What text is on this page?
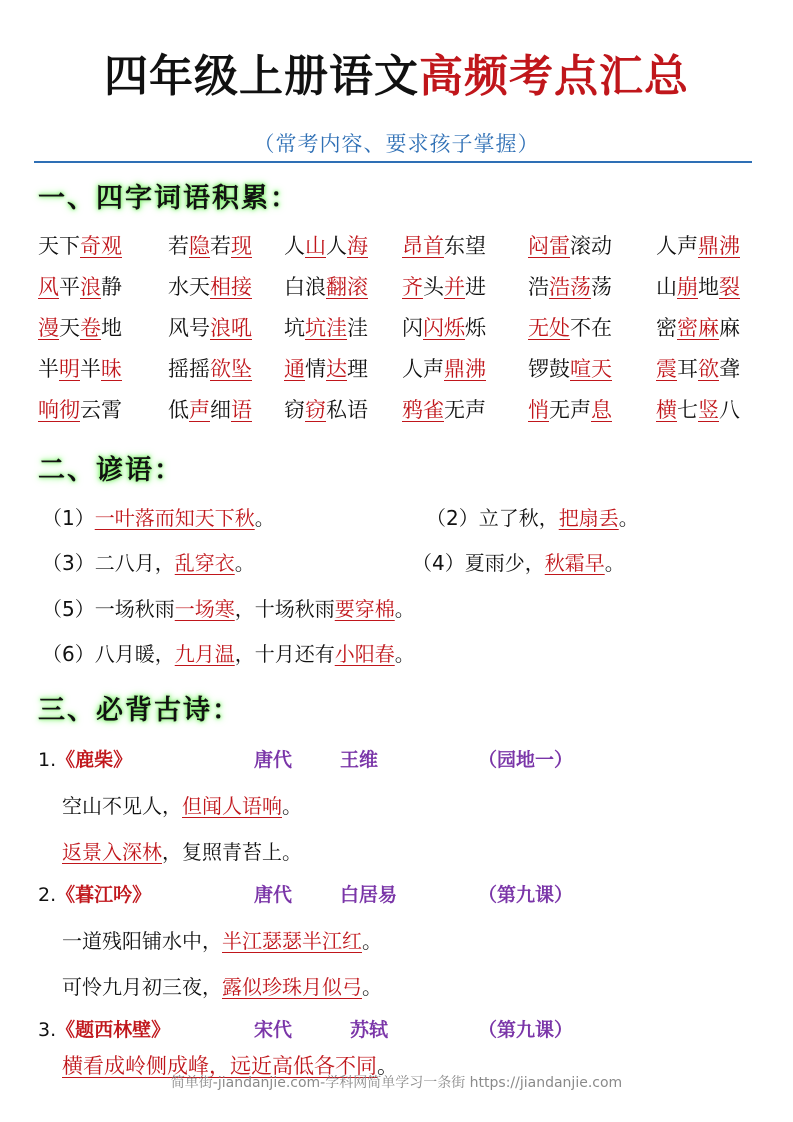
四年级上册语文高频考点汇总
（常考内容、要求孩子掌握）
一、四字词语积累：
天下奇观	若隐若现	人山人海	昂首东望	闷雷滚动	人声鼎沸
风平浪静	水天相接	白浪翻滚	齐头并进	浩浩荡荡	山崩地裂
漫天卷地	风号浪吼	坑坑洼洼	闪闪烁烁	无处不在	密密麻麻
半明半昧	摇摇欲坠	通情达理	人声鼎沸	锣鼓喧天	震耳欲聋
响彻云霄	低声细语	窃窃私语	鸦雀无声	悄无声息	横七竖八
二、谚语：
（1）一叶落而知天下秋。	（2）立了秋，把扇丢。
（3）二八月，乱穿衣。	（4）夏雨少，秋霜早。
（5）一场秋雨一场寒，十场秋雨要穿棉。
（6）八月暖，九月温，十月还有小阳春。
三、必背古诗：
1.《鹿柴》	唐代	王维	（园地一）
空山不见人，但闻人语响。
返景入深林，复照青苔上。
2.《暮江吟》	唐代	白居易	（第九课）
一道残阳铺水中，半江瑟瑟半江红。
可怜九月初三夜，露似珍珠月似弓。
3.《题西林壁》	宋代	苏轼	（第九课）
横看成岭侧成峰，远近高低各不同。
简单街-jiandanjie.com-学科网简单学习一条街 https://jiandanjie.com
